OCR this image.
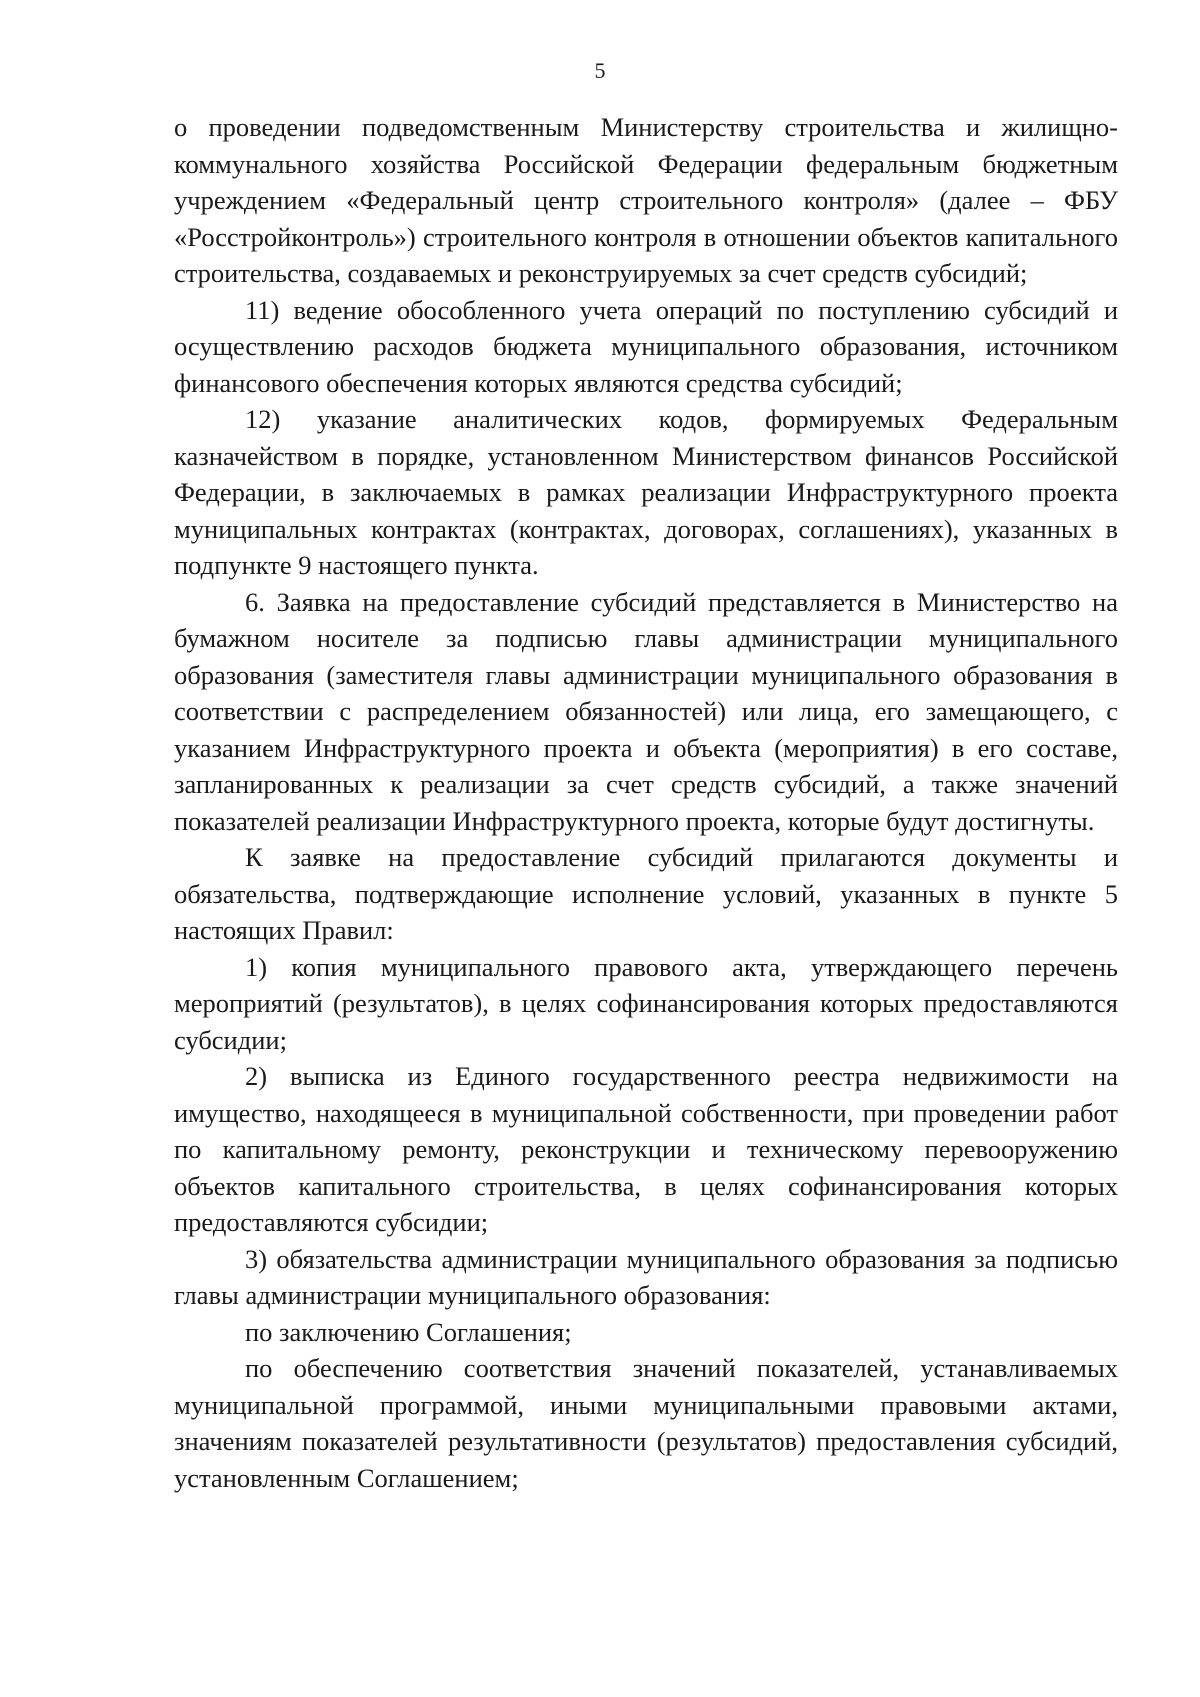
5

о проведении подведомственным Министерству строительства и жилищно-коммунального хозяйства Российской Федерации федеральным бюджетным учреждением «Федеральный центр строительного контроля» (далее – ФБУ «Росстройконтроль») строительного контроля в отношении объектов капитального строительства, создаваемых и реконструируемых за счет средств субсидий;

11) ведение обособленного учета операций по поступлению субсидий и осуществлению расходов бюджета муниципального образования, источником финансового обеспечения которых являются средства субсидий;

12) указание аналитических кодов, формируемых Федеральным казначейством в порядке, установленном Министерством финансов Российской Федерации, в заключаемых в рамках реализации Инфраструктурного проекта муниципальных контрактах (контрактах, договорах, соглашениях), указанных в подпункте 9 настоящего пункта.

6. Заявка на предоставление субсидий представляется в Министерство на бумажном носителе за подписью главы администрации муниципального образования (заместителя главы администрации муниципального образования в соответствии с распределением обязанностей) или лица, его замещающего, с указанием Инфраструктурного проекта и объекта (мероприятия) в его составе, запланированных к реализации за счет средств субсидий, а также значений показателей реализации Инфраструктурного проекта, которые будут достигнуты.

К заявке на предоставление субсидий прилагаются документы и обязательства, подтверждающие исполнение условий, указанных в пункте 5 настоящих Правил:

1) копия муниципального правового акта, утверждающего перечень мероприятий (результатов), в целях софинансирования которых предоставляются субсидии;

2) выписка из Единого государственного реестра недвижимости на имущество, находящееся в муниципальной собственности, при проведении работ по капитальному ремонту, реконструкции и техническому перевооружению объектов капитального строительства, в целях софинансирования которых предоставляются субсидии;

3) обязательства администрации муниципального образования за подписью главы администрации муниципального образования:

по заключению Соглашения;

по обеспечению соответствия значений показателей, устанавливаемых муниципальной программой, иными муниципальными правовыми актами, значениям показателей результативности (результатов) предоставления субсидий, установленным Соглашением;
